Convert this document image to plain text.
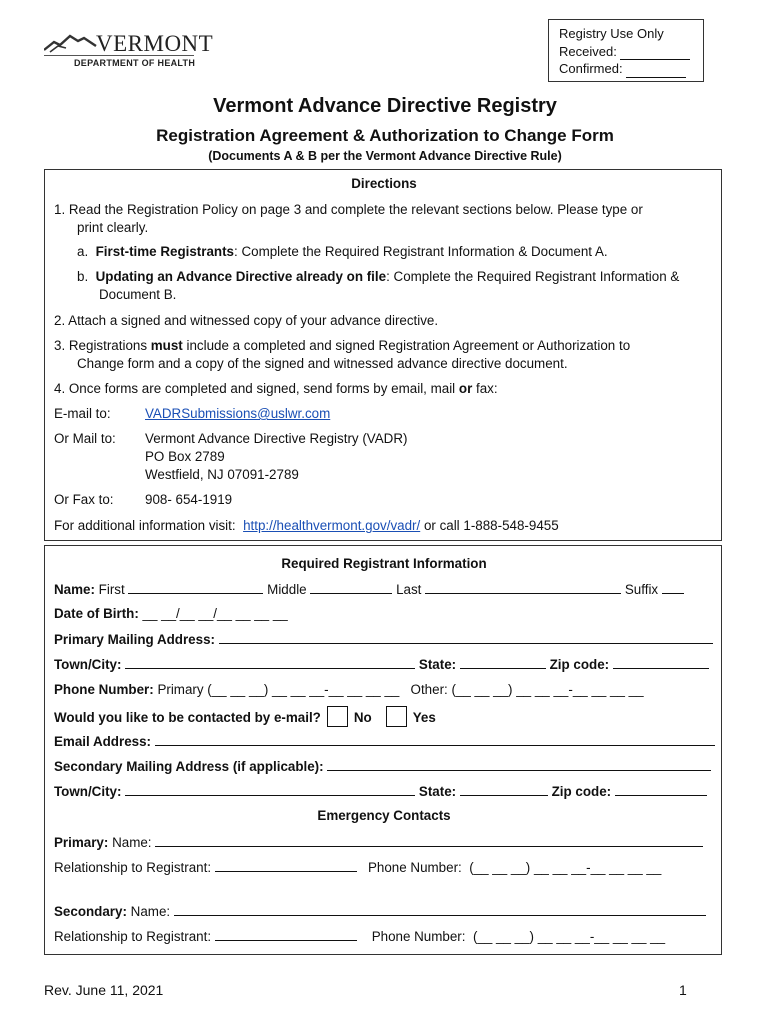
VERMONT
DEPARTMENT OF HEALTH
Registry Use Only
Received:
Confirmed:
Vermont Advance Directive Registry
Registration Agreement & Authorization to Change Form
(Documents A & B per the Vermont Advance Directive Rule)
Directions
1. Read the Registration Policy on page 3 and complete the relevant sections below. Please type or
print clearly.
a.  First-time Registrants: Complete the Required Registrant Information & Document A.
b.  Updating an Advance Directive already on file: Complete the Required Registrant Information &
Document B.
2. Attach a signed and witnessed copy of your advance directive.
3. Registrations must include a completed and signed Registration Agreement or Authorization to
Change form and a copy of the signed and witnessed advance directive document.
4. Once forms are completed and signed, send forms by email, mail or fax:
E-mail to:	VADRSubmissions@uslwr.com
Or Mail to: Vermont Advance Directive Registry (VADR)
PO Box 2789
Westfield, NJ 07091-2789
Or Fax to: 908- 654-1919
For additional information visit: http://healthvermont.gov/vadr/ or call 1-888-548-9455
Required Registrant Information
Name: First	Middle	Last	Suffix
Date of Birth: __ __/__ __/__ __ __ __
Primary Mailing Address:
Town/City:	State:	Zip code:
Phone Number: Primary (__ __ __) __ __ __-__ __ __ __ Other: (__ __ __) __ __ __-__ __ __ __
Would you like to be contacted by e-mail? No	Yes
Email Address:
Secondary Mailing Address (if applicable):
Town/City:	State:	Zip code:
Emergency Contacts
Primary: Name:
Relationship to Registrant:	Phone Number: (__ __ __) __ __ __-__ __ __ __
Secondary: Name:
Relationship to Registrant:	Phone Number: (__ __ __) __ __ __-__ __ __ __
Rev. June 11, 2021	1
